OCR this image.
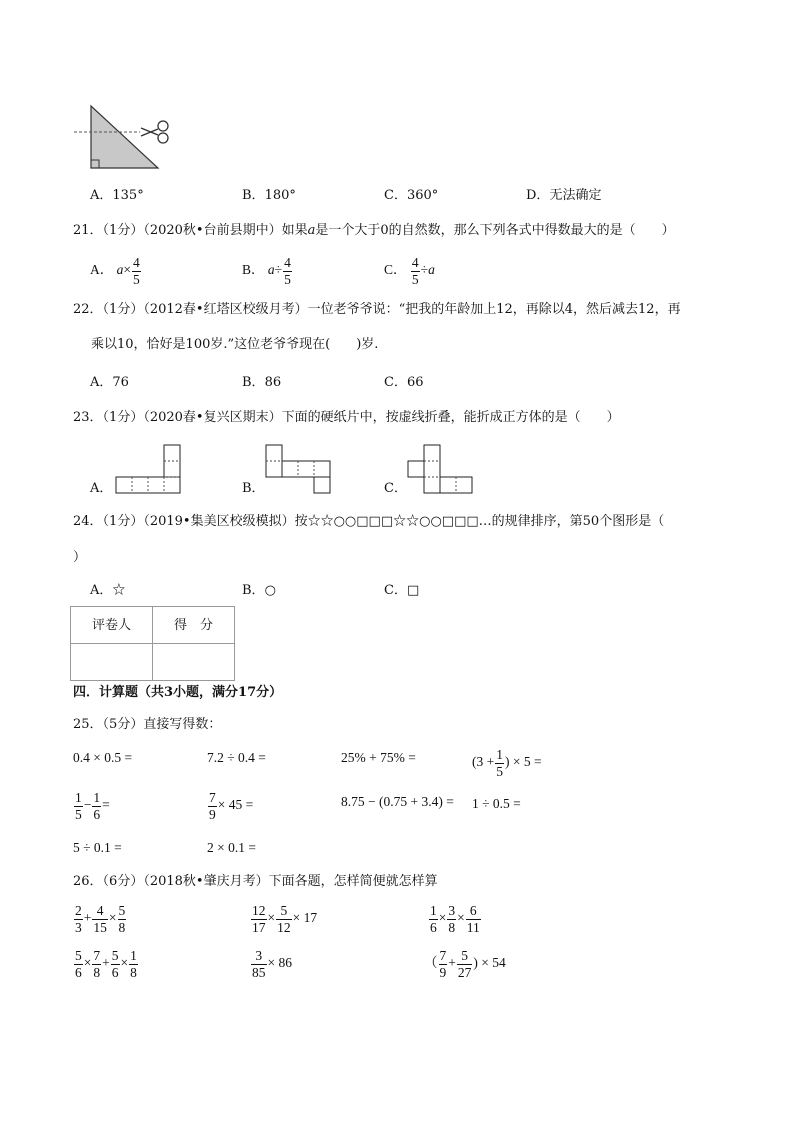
A．135°	B．180°	C．360°	D．无法确定
21．（1分）（2020秋•台前县期中）如果a是一个大于0的自然数，那么下列各式中得数最大的是（　　）
A． $a\times \frac{4}{5}$	B． $a\div \frac{4}{5}$	C． $\frac{4}{5} \div a$
22．（1分）（2012春•红塔区校级月考）一位老爷爷说：“把我的年龄加上12，再除以4，然后减去12，再
乘以10，恰好是100岁.”这位老爷爷现在(　　)岁.
A．76	B．86	C．66
23．（1分）（2020春•复兴区期末）下面的硬纸片中，按虚线折叠，能折成正方体的是（　　）
A．	B．	C．
24．（1分）（2019•集美区校级模拟）按☆☆○○□□□☆☆○○□□□…的规律排序，第50个图形是（
）
A．☆	B．○	C．□
评卷人	得　分

四．计算题（共3小题，满分17分）
25．（5分）直接写得数：
0.4 × 0.5 =	7.2 ÷ 0.4 =	25% + 75% =	($3 + \frac{1}{5}$ ) × 5 =
$\frac{1}{5} - \frac{1}{6}$ =	$\frac{7}{9} \times 45$ =	8.75 − (0.75 + 3.4) = 1 ÷ 0.5 =
5 ÷ 0.1 =	2 × 0.1 =
26．（6分）（2018秋•肇庆月考）下面各题，怎样简便就怎样算
$\frac{2}{3} + \frac{4}{15} \times \frac{5}{8}$	$\frac{12}{17} \times \frac{5}{12} \times 17$	$\frac{1}{6} \times \frac{3}{8} \times \frac{6}{11}$
$\frac{5}{6} \times \frac{7}{8} + \frac{5}{6} \times \frac{1}{8}$	$\frac{3}{85} \times 86$	（ $\frac{7}{9} + \frac{5}{27}$ ) × 54
